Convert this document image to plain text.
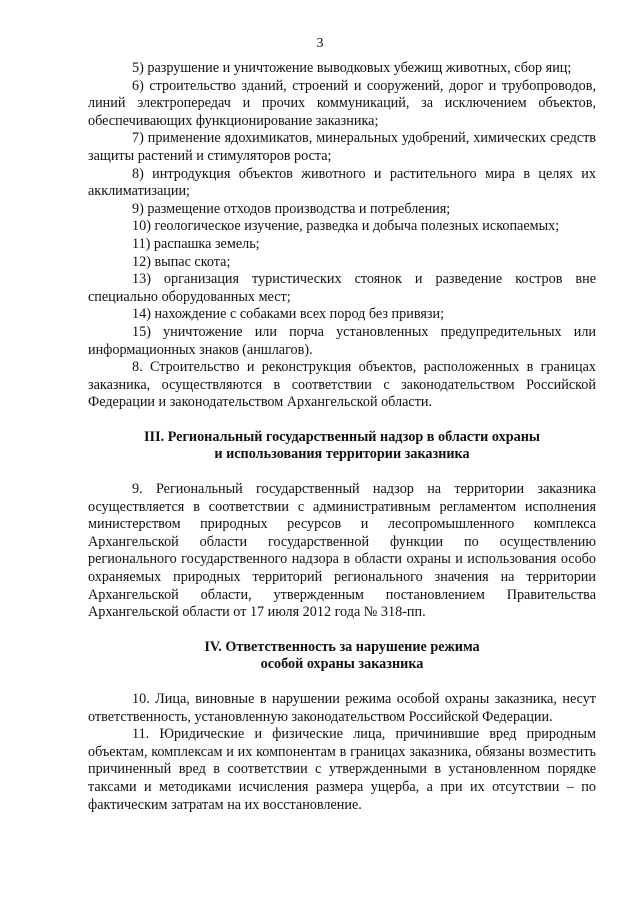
3

5) разрушение и уничтожение выводковых убежищ животных, сбор яиц;

6) строительство зданий, строений и сооружений, дорог и трубопроводов, линий электропередач и прочих коммуникаций, за исключением объектов, обеспечивающих функционирование заказника;

7) применение ядохимикатов, минеральных удобрений, химических средств защиты растений и стимуляторов роста;

8) интродукция объектов животного и растительного мира в целях их акклиматизации;

9) размещение отходов производства и потребления;

10) геологическое изучение, разведка и добыча полезных ископаемых;

11) распашка земель;

12) выпас скота;

13) организация туристических стоянок и разведение костров вне специально оборудованных мест;

14) нахождение с собаками всех пород без привязи;

15) уничтожение или порча установленных предупредительных или информационных знаков (аншлагов).

8. Строительство и реконструкция объектов, расположенных в границах заказника, осуществляются в соответствии с законодательством Российской Федерации и законодательством Архангельской области.

III. Региональный государственный надзор в области охраны
и использования территории заказника

9. Региональный государственный надзор на территории заказника осуществляется в соответствии с административным регламентом исполнения министерством природных ресурсов и лесопромышленного комплекса Архангельской области государственной функции по осуществлению регионального государственного надзора в области охраны и использования особо охраняемых природных территорий регионального значения на территории Архангельской области, утвержденным постановлением Правительства Архангельской области от 17 июля 2012 года № 318-пп.

IV. Ответственность за нарушение режима
особой охраны заказника

10. Лица, виновные в нарушении режима особой охраны заказника, несут ответственность, установленную законодательством Российской Федерации.

11. Юридические и физические лица, причинившие вред природным объектам, комплексам и их компонентам в границах заказника, обязаны возместить причиненный вред в соответствии с утвержденными в установленном порядке таксами и методиками исчисления размера ущерба, а при их отсутствии – по фактическим затратам на их восстановление.
